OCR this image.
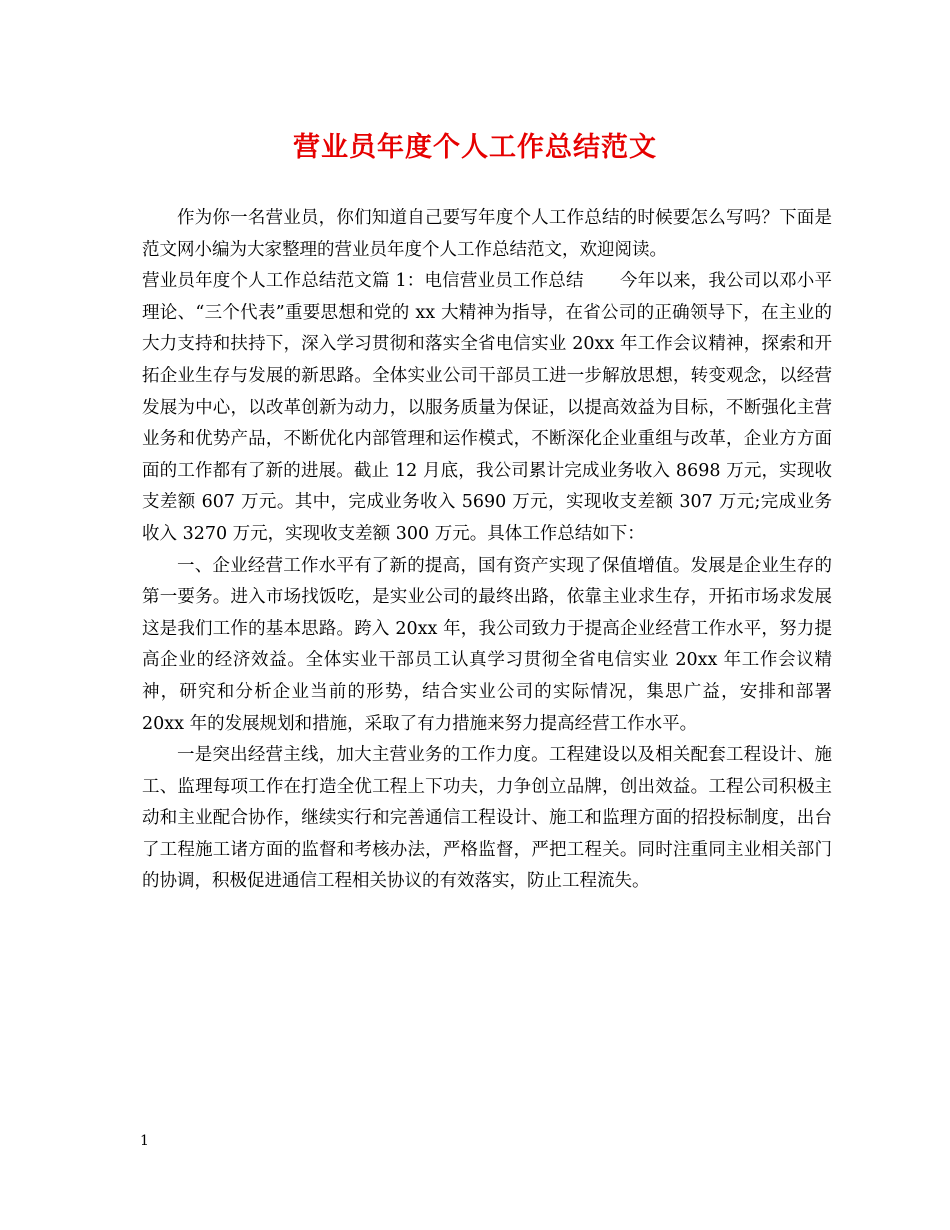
营业员年度个人工作总结范文

作为你一名营业员，你们知道自己要写年度个人工作总结的时候要怎么写吗？下面是范文网小编为大家整理的营业员年度个人工作总结范文，欢迎阅读。

营业员年度个人工作总结范文篇 1：电信营业员工作总结 今年以来，我公司以邓小平理论、“三个代表”重要思想和党的 xx 大精神为指导，在省公司的正确领导下，在主业的大力支持和扶持下，深入学习贯彻和落实全省电信实业 20xx 年工作会议精神，探索和开拓企业生存与发展的新思路。全体实业公司干部员工进一步解放思想，转变观念，以经营发展为中心，以改革创新为动力，以服务质量为保证，以提高效益为目标，不断强化主营业务和优势产品，不断优化内部管理和运作模式，不断深化企业重组与改革，企业方方面面的工作都有了新的进展。截止 12 月底，我公司累计完成业务收入 8698 万元，实现收支差额 607 万元。其中，完成业务收入 5690 万元，实现收支差额 307 万元;完成业务收入 3270 万元，实现收支差额 300 万元。具体工作总结如下：

一、企业经营工作水平有了新的提高，国有资产实现了保值增值。发展是企业生存的第一要务。进入市场找饭吃，是实业公司的最终出路，依靠主业求生存，开拓市场求发展这是我们工作的基本思路。跨入 20xx 年，我公司致力于提高企业经营工作水平，努力提高企业的经济效益。全体实业干部员工认真学习贯彻全省电信实业 20xx 年工作会议精神，研究和分析企业当前的形势，结合实业公司的实际情况，集思广益，安排和部署 20xx 年的发展规划和措施，采取了有力措施来努力提高经营工作水平。

一是突出经营主线，加大主营业务的工作力度。工程建设以及相关配套工程设计、施工、监理每项工作在打造全优工程上下功夫，力争创立品牌，创出效益。工程公司积极主动和主业配合协作，继续实行和完善通信工程设计、施工和监理方面的招投标制度，出台了工程施工诸方面的监督和考核办法，严格监督，严把工程关。同时注重同主业相关部门的协调，积极促进通信工程相关协议的有效落实，防止工程流失。

1
